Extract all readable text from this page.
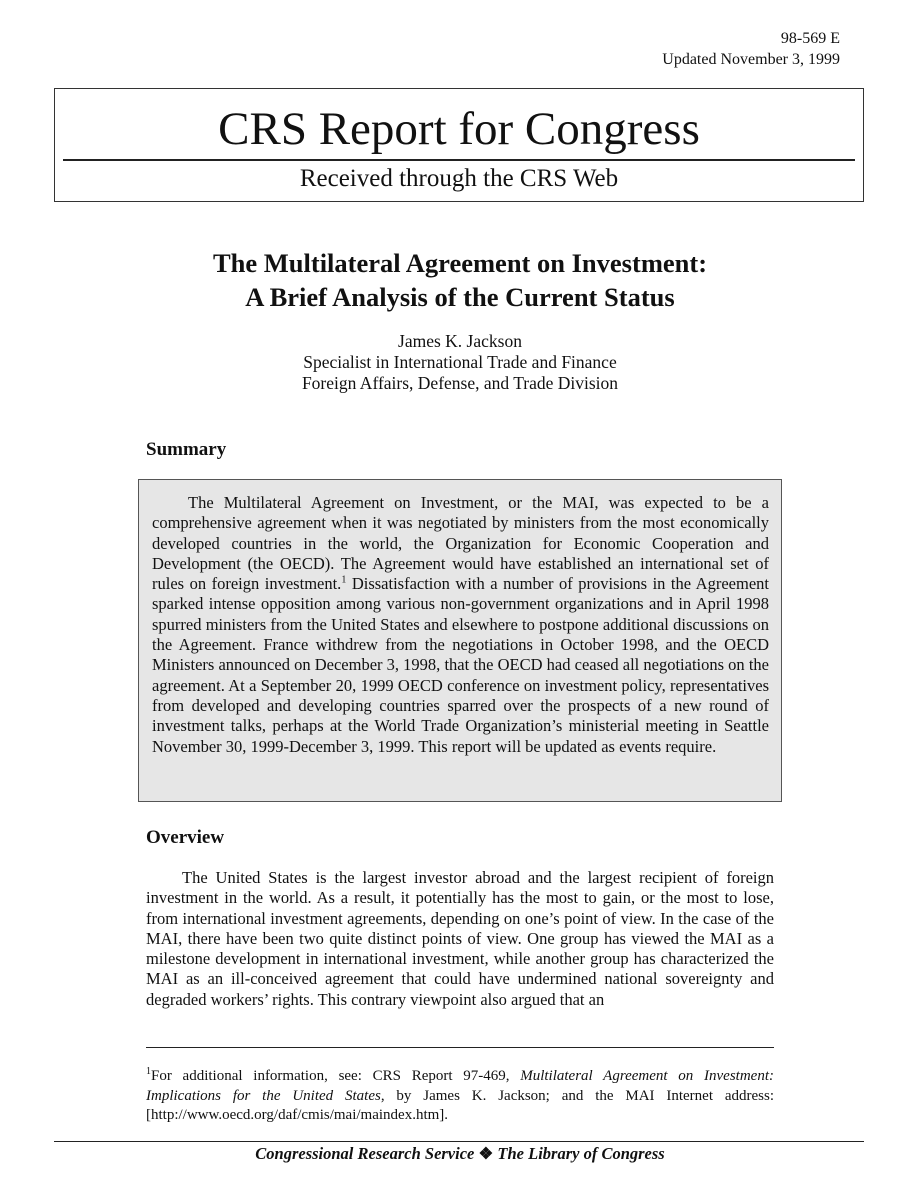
98-569 E
Updated November 3, 1999
CRS Report for Congress
Received through the CRS Web
The Multilateral Agreement on Investment:
A Brief Analysis of the Current Status
James K. Jackson
Specialist in International Trade and Finance
Foreign Affairs, Defense, and Trade Division
Summary

The Multilateral Agreement on Investment, or the MAI, was expected to be a comprehensive agreement when it was negotiated by ministers from the most economically developed countries in the world, the Organization for Economic Cooperation and Development (the OECD). The Agreement would have established an international set of rules on foreign investment.$^1$ Dissatisfaction with a number of provisions in the Agreement sparked intense opposition among various non-government organizations and in April 1998 spurred ministers from the United States and elsewhere to postpone additional discussions on the Agreement. France withdrew from the negotiations in October 1998, and the OECD Ministers announced on December 3, 1998, that the OECD had ceased all negotiations on the agreement. At a September 20, 1999 OECD conference on investment policy, representatives from developed and developing countries sparred over the prospects of a new round of investment talks, perhaps at the World Trade Organization’s ministerial meeting in Seattle November 30, 1999-December 3, 1999. This report will be updated as events require.

Overview

The United States is the largest investor abroad and the largest recipient of foreign investment in the world. As a result, it potentially has the most to gain, or the most to lose, from international investment agreements, depending on one’s point of view. In the case of the MAI, there have been two quite distinct points of view. One group has viewed the MAI as a milestone development in international investment, while another group has characterized the MAI as an ill-conceived agreement that could have undermined national sovereignty and degraded workers’ rights. This contrary viewpoint also argued that an

$^1$For additional information, see: CRS Report 97-469, Multilateral Agreement on Investment: Implications for the United States, by James K. Jackson; and the MAI Internet address: [http://www.oecd.org/daf/cmis/mai/maindex.htm].

Congressional Research Service ❖ The Library of Congress
